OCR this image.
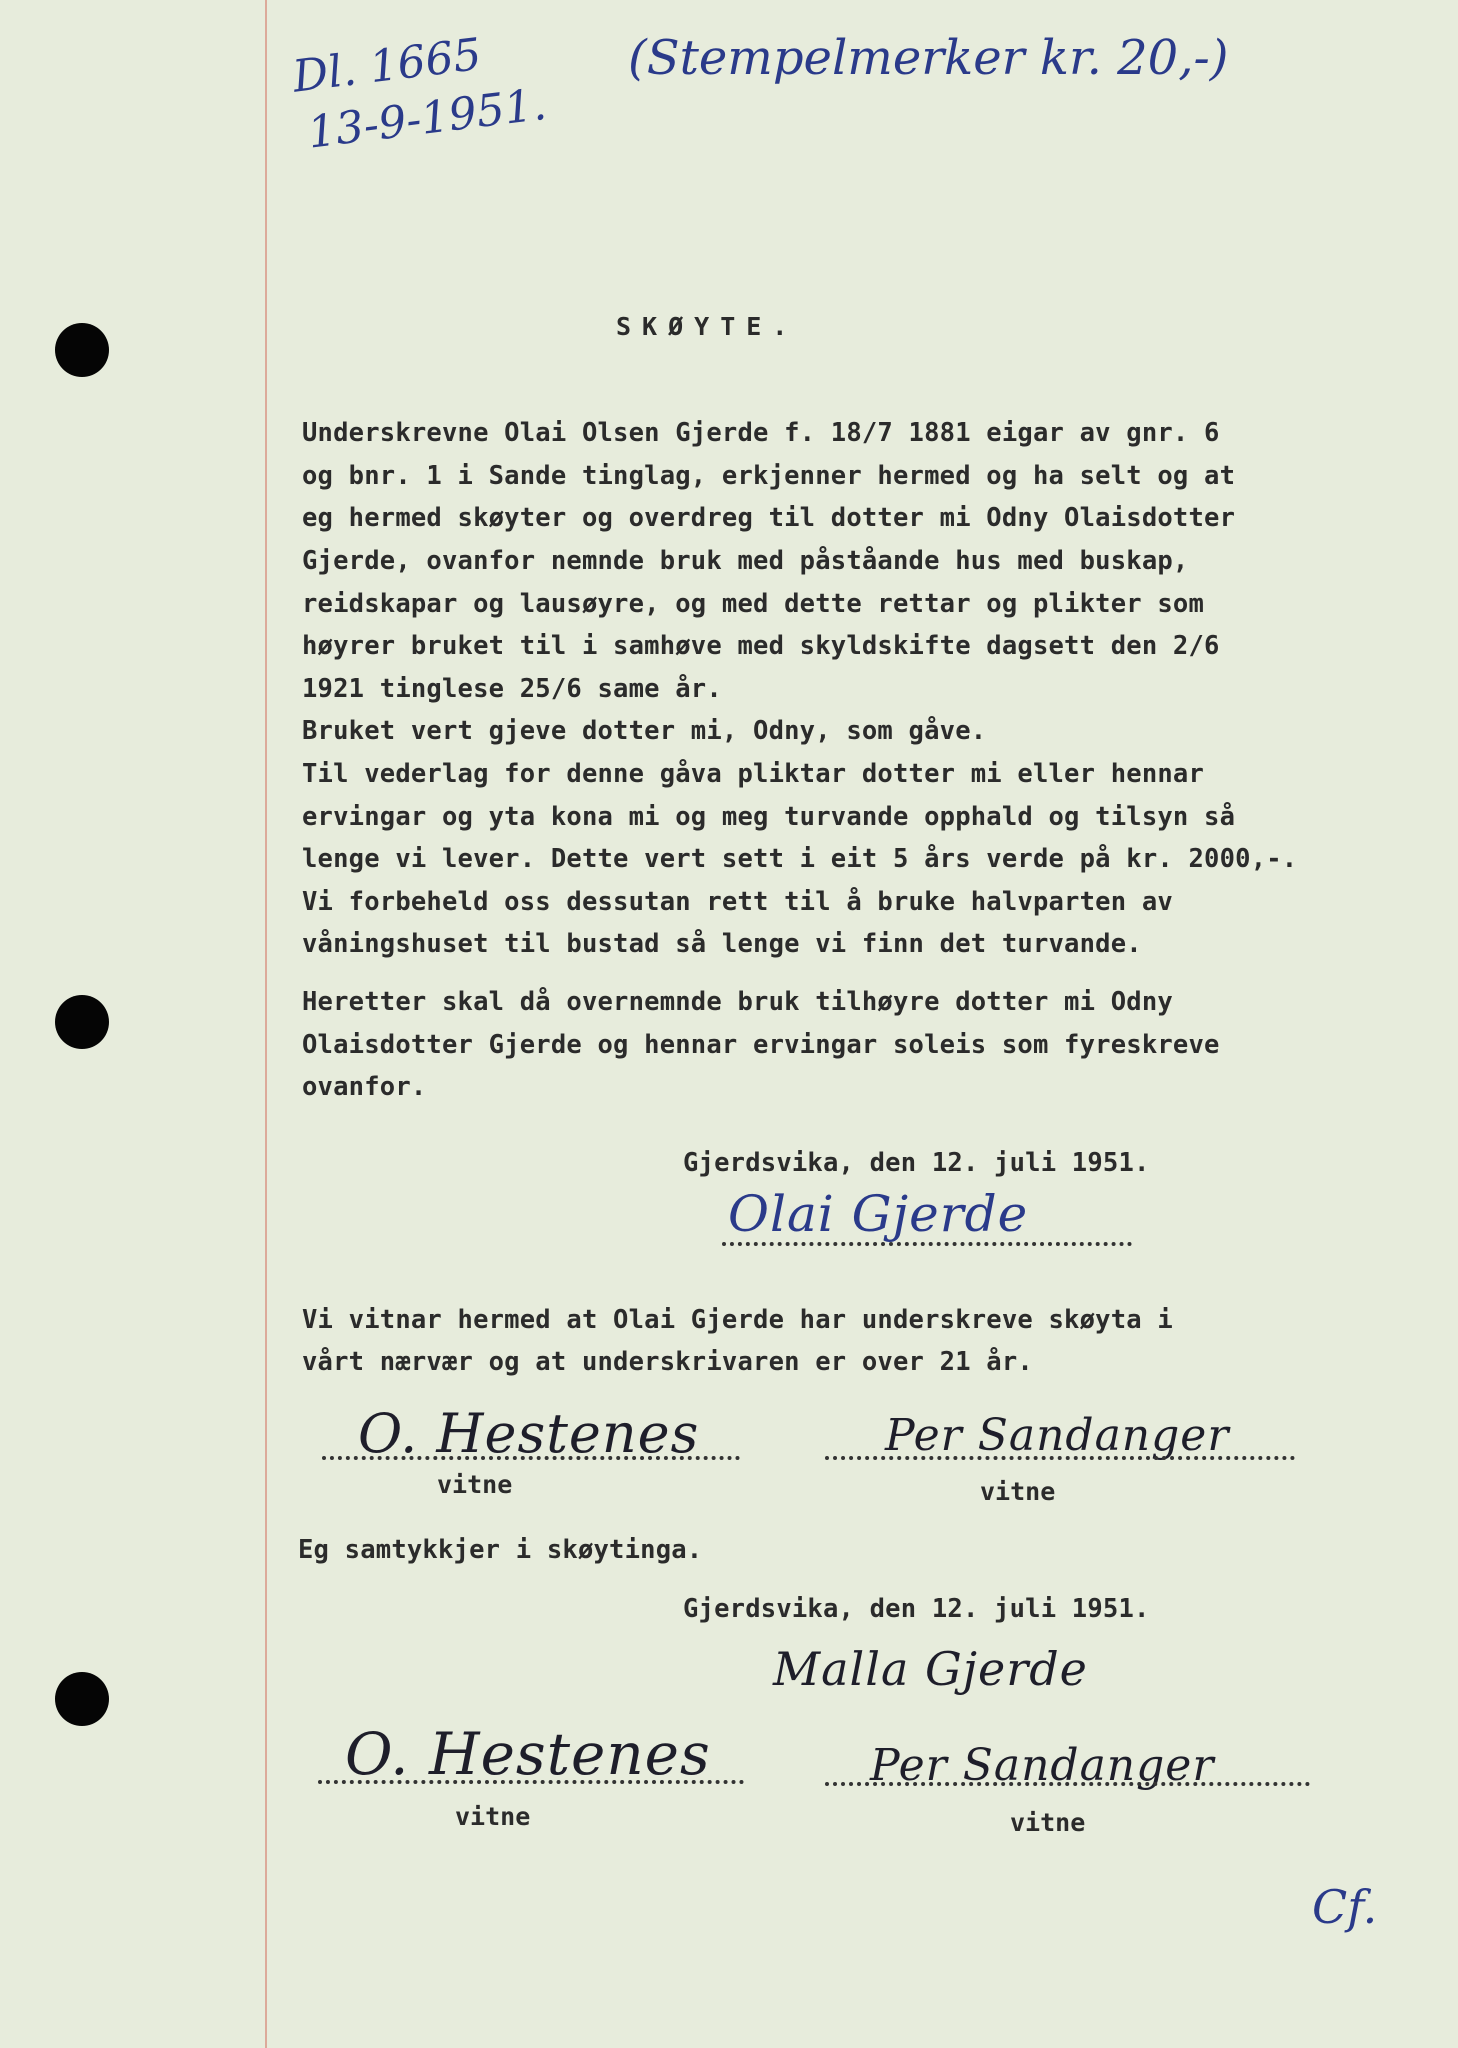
Dl. 1665
13-9-1951.
(Stempelmerker kr. 20,-)
SKØYTE.
Underskrevne Olai Olsen Gjerde f. 18/7 1881 eigar av gnr. 6
og bnr. 1 i Sande tinglag, erkjenner hermed og ha selt og at
eg hermed skøyter og overdreg til dotter mi Odny Olaisdotter
Gjerde, ovanfor nemnde bruk med påståande hus med buskap,
reidskapar og lausøyre, og med dette rettar og plikter som
høyrer bruket til i samhøve med skyldskifte dagsett den 2/6
1921 tinglese 25/6 same år.
Bruket vert gjeve dotter mi, Odny, som gåve.
Til vederlag for denne gåva pliktar dotter mi eller hennar
ervingar og yta kona mi og meg turvande opphald og tilsyn så
lenge vi lever. Dette vert sett i eit 5 års verde på kr. 2000,-.
Vi forbeheld oss dessutan rett til å bruke halvparten av
våningshuset til bustad så lenge vi finn det turvande.
Heretter skal då overnemnde bruk tilhøyre dotter mi Odny
Olaisdotter Gjerde og hennar ervingar soleis som fyreskreve
ovanfor.
Gjerdsvika, den 12. juli 1951.
Olai Gjerde
Vi vitnar hermed at Olai Gjerde har underskreve skøyta i
vårt nærvær og at underskrivaren er over 21 år.
O. Hestenes
vitne
Per Sandanger
vitne
Eg samtykkjer i skøytinga.
Gjerdsvika, den 12. juli 1951.
Malla Gjerde
O. Hestenes
vitne
Per Sandanger
vitne
Cf.
